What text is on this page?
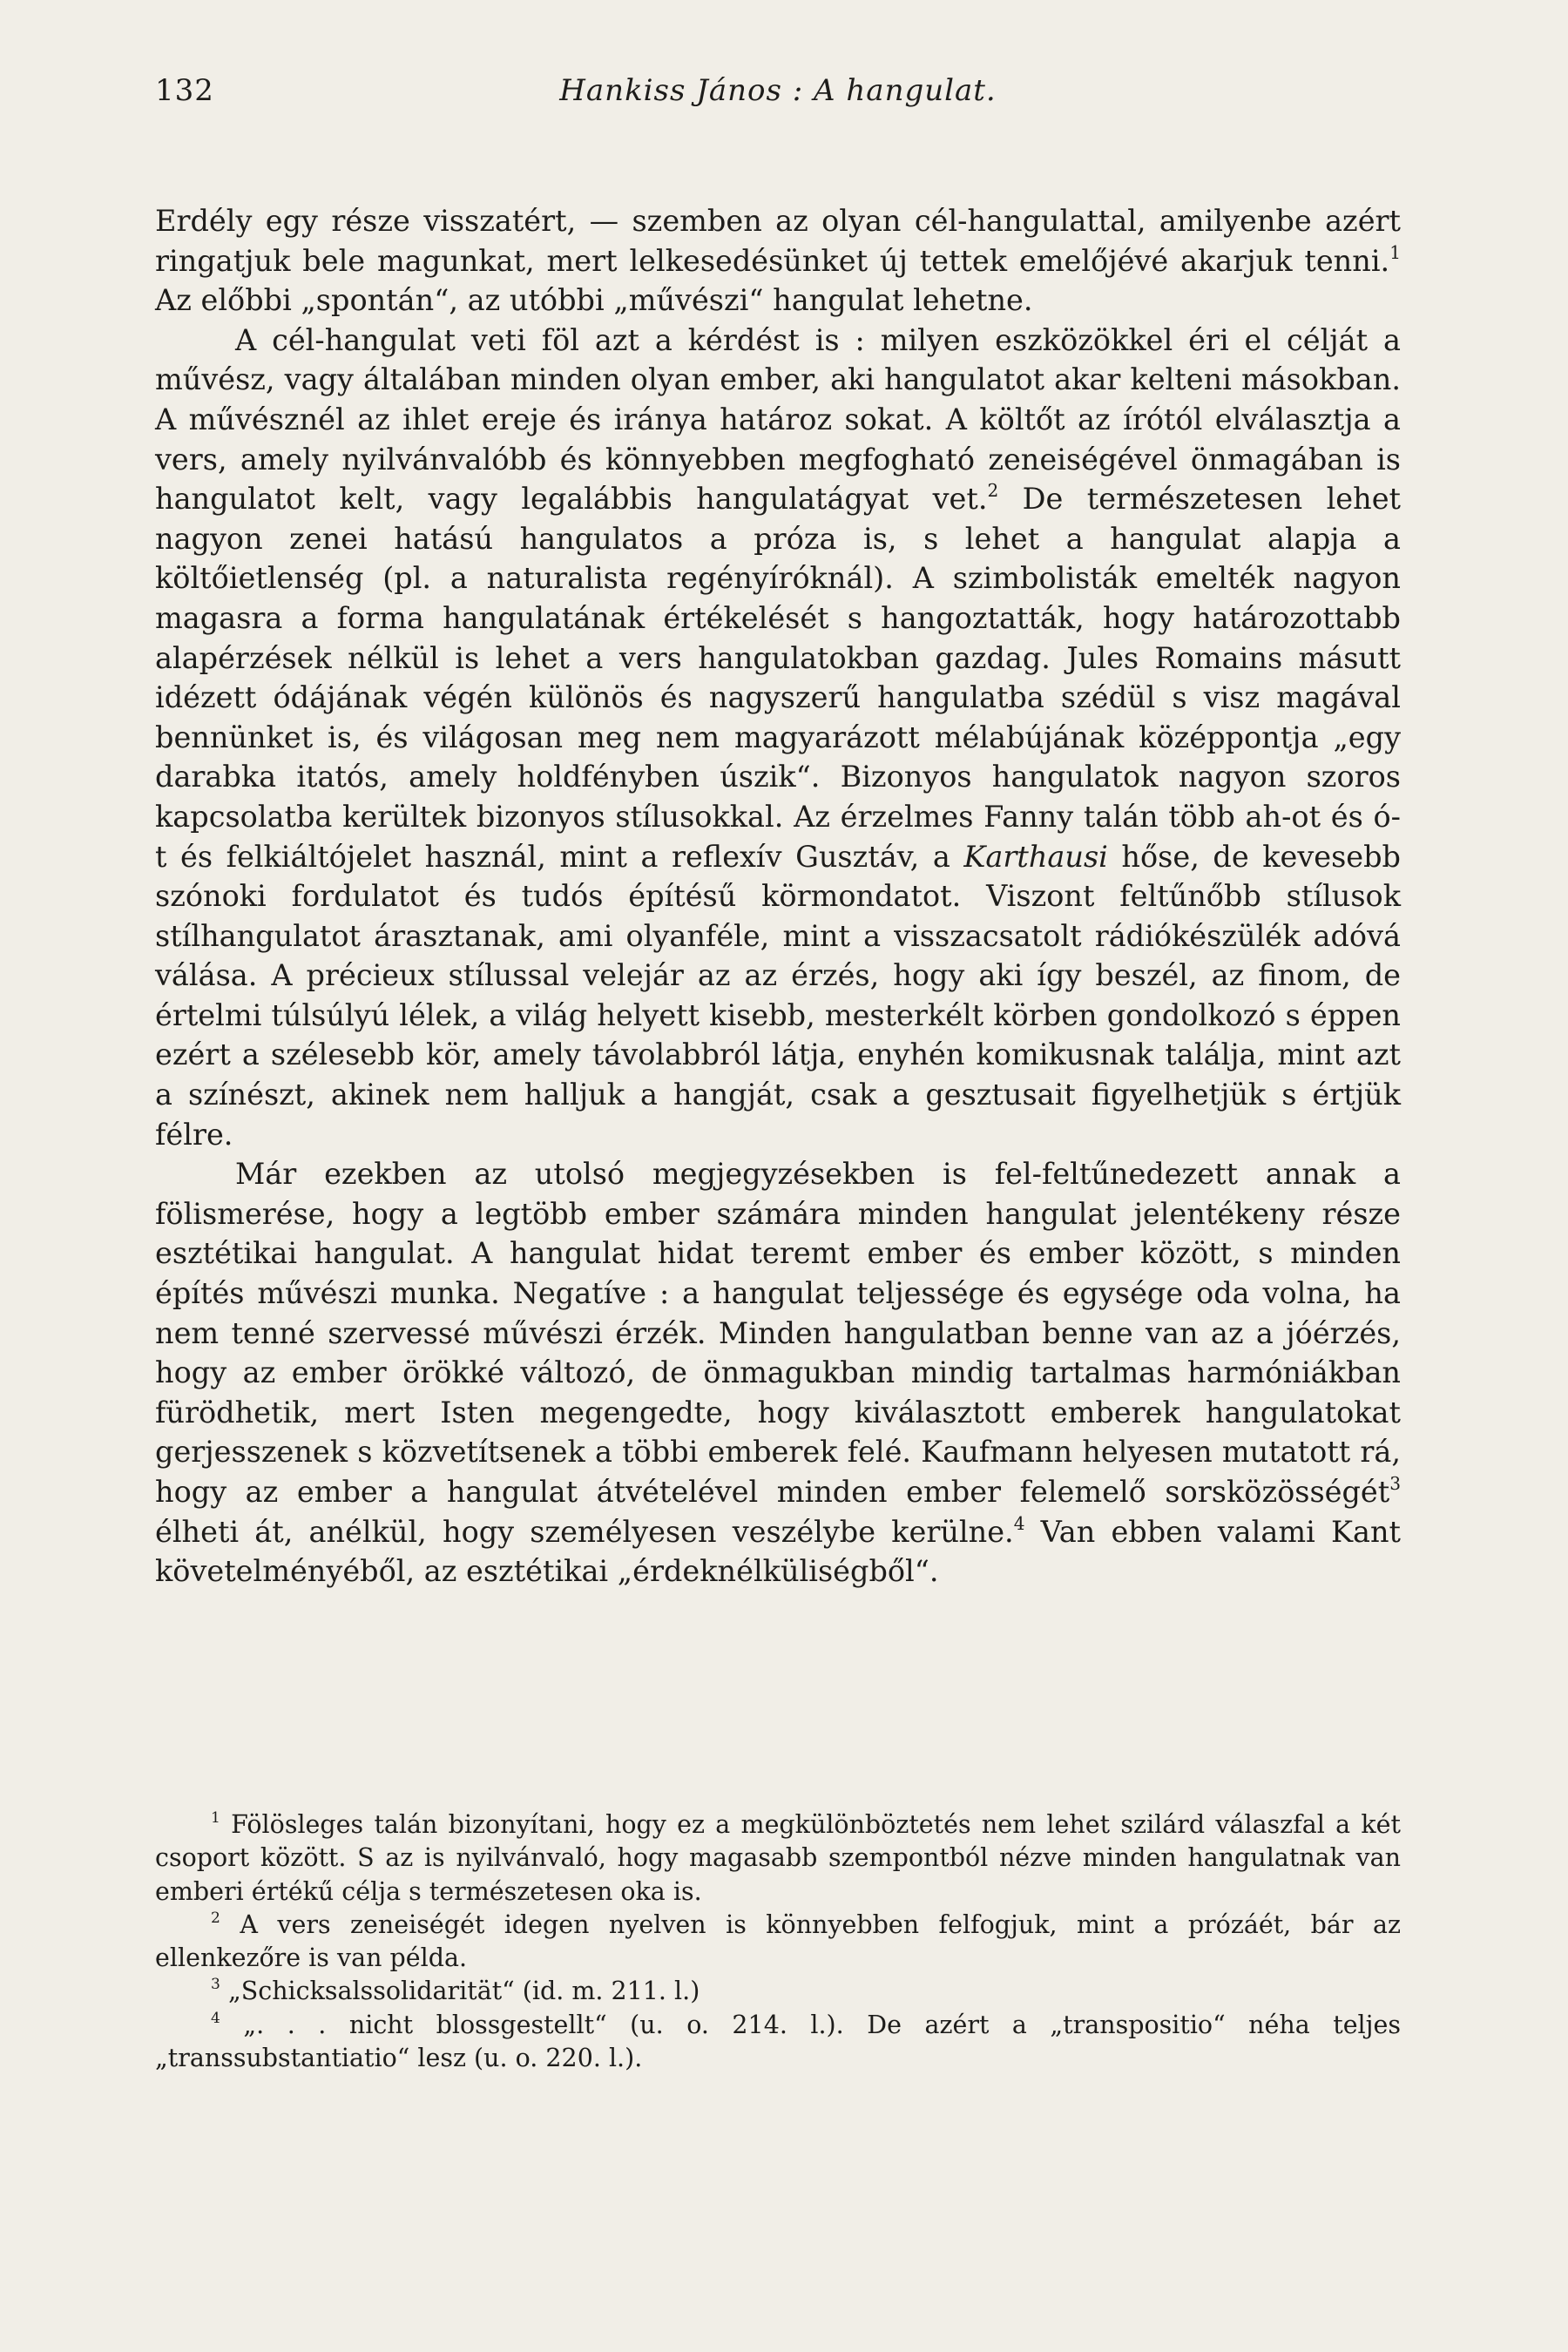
132	Hankiss János : A hangulat.

Erdély egy része visszatért, — szemben az olyan cél-hangulattal, amilyenbe azért ringatjuk bele magunkat, mert lelkesedésünket új tettek emelőjévé akarjuk tenni.$^1$ Az előbbi „spontán“, az utóbbi „művészi“ hangulat lehetne.

A cél-hangulat veti föl azt a kérdést is : milyen eszközökkel éri el célját a művész, vagy általában minden olyan ember, aki hangulatot akar kelteni másokban. A művésznél az ihlet ereje és iránya határoz sokat. A költőt az írótól elválasztja a vers, amely nyilvánvalóbb és könnyebben megfogható zeneiségével önmagában is hangulatot kelt, vagy legalábbis hangulatágyat vet.$^2$ De természetesen lehet nagyon zenei hatású hangulatos a próza is, s lehet a hangulat alapja a költőietlenség (pl. a naturalista regényíróknál). A szimbolisták emelték nagyon magasra a forma hangulatának értékelését s hangoztatták, hogy határozottabb alapérzések nélkül is lehet a vers hangulatokban gazdag. Jules Romains másutt idézett ódájának végén különös és nagyszerű hangulatba szédül s visz magával bennünket is, és világosan meg nem magyarázott mélabújának középpontja „egy darabka itatós, amely holdfényben úszik“. Bizonyos hangulatok nagyon szoros kapcsolatba kerültek bizonyos stílusokkal. Az érzelmes Fanny talán több ah-ot és ó-t és felkiáltójelet használ, mint a reflexív Gusztáv, a Karthausi hőse, de kevesebb szónoki fordulatot és tudós építésű körmondatot. Viszont feltűnőbb stílusok stílhangulatot árasztanak, ami olyanféle, mint a visszacsatolt rádiókészülék adóvá válása. A précieux stílussal velejár az az érzés, hogy aki így beszél, az finom, de értelmi túlsúlyú lélek, a világ helyett kisebb, mesterkélt körben gondolkozó s éppen ezért a szélesebb kör, amely távolabbról látja, enyhén komikusnak találja, mint azt a színészt, akinek nem halljuk a hangját, csak a gesztusait figyelhetjük s értjük félre.

Már ezekben az utolsó megjegyzésekben is fel-feltűnedezett annak a fölismerése, hogy a legtöbb ember számára minden hangulat jelentékeny része esztétikai hangulat. A hangulat hidat teremt ember és ember között, s minden építés művészi munka. Negatíve : a hangulat teljessége és egysége oda volna, ha nem tenné szervessé művészi érzék. Minden hangulatban benne van az a jóérzés, hogy az ember örökké változó, de önmagukban mindig tartalmas harmóniákban fürödhetik, mert Isten megengedte, hogy kiválasztott emberek hangulatokat gerjesszenek s közvetítsenek a többi emberek felé. Kaufmann helyesen mutatott rá, hogy az ember a hangulat átvételével minden ember felemelő sorsközösségét$^3$ élheti át, anélkül, hogy személyesen veszélybe kerülne.$^4$ Van ebben valami Kant követelményéből, az esztétikai „érdeknélküliségből“.

$^1$ Fölösleges talán bizonyítani, hogy ez a megkülönböztetés nem lehet szilárd válaszfal a két csoport között. S az is nyilvánvaló, hogy magasabb szempontból nézve minden hangulatnak van emberi értékű célja s természetesen oka is.

$^2$ A vers zeneiségét idegen nyelven is könnyebben felfogjuk, mint a prózáét, bár az ellenkezőre is van példa.

$^3$ „Schicksalssolidarität“ (id. m. 211. l.)

$^4$ „. . . nicht blossgestellt“ (u. o. 214. l.). De azért a „transpositio“ néha teljes „transsubstantiatio“ lesz (u. o. 220. l.).
